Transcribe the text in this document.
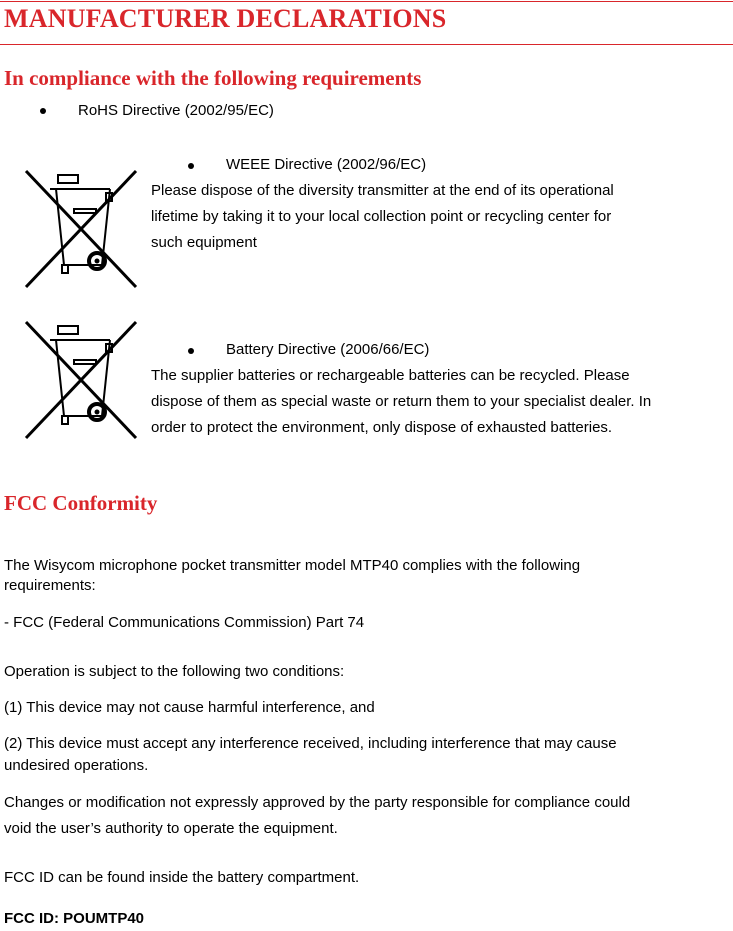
MANUFACTURER DECLARATIONS
In compliance with the following requirements
RoHS Directive (2002/95/EC)
WEEE Directive (2002/96/EC)
Please dispose of the diversity transmitter at the end of its operational
lifetime by taking it to your local collection point or recycling center for
such equipment
Battery Directive (2006/66/EC)
The supplier batteries or rechargeable batteries can be recycled. Please
dispose of them as special waste or return them to your specialist dealer. In
order to protect the environment, only dispose of exhausted batteries.
FCC Conformity
The Wisycom microphone pocket transmitter model MTP40 complies with the following
requirements:
- FCC (Federal Communications Commission) Part 74
Operation is subject to the following two conditions:
(1) This device may not cause harmful interference, and
(2) This device must accept any interference received, including interference that may cause
undesired operations.
Changes or modification not expressly approved by the party responsible for compliance could
void the user’s authority to operate the equipment.
FCC ID can be found inside the battery compartment.
FCC ID: POUMTP40
